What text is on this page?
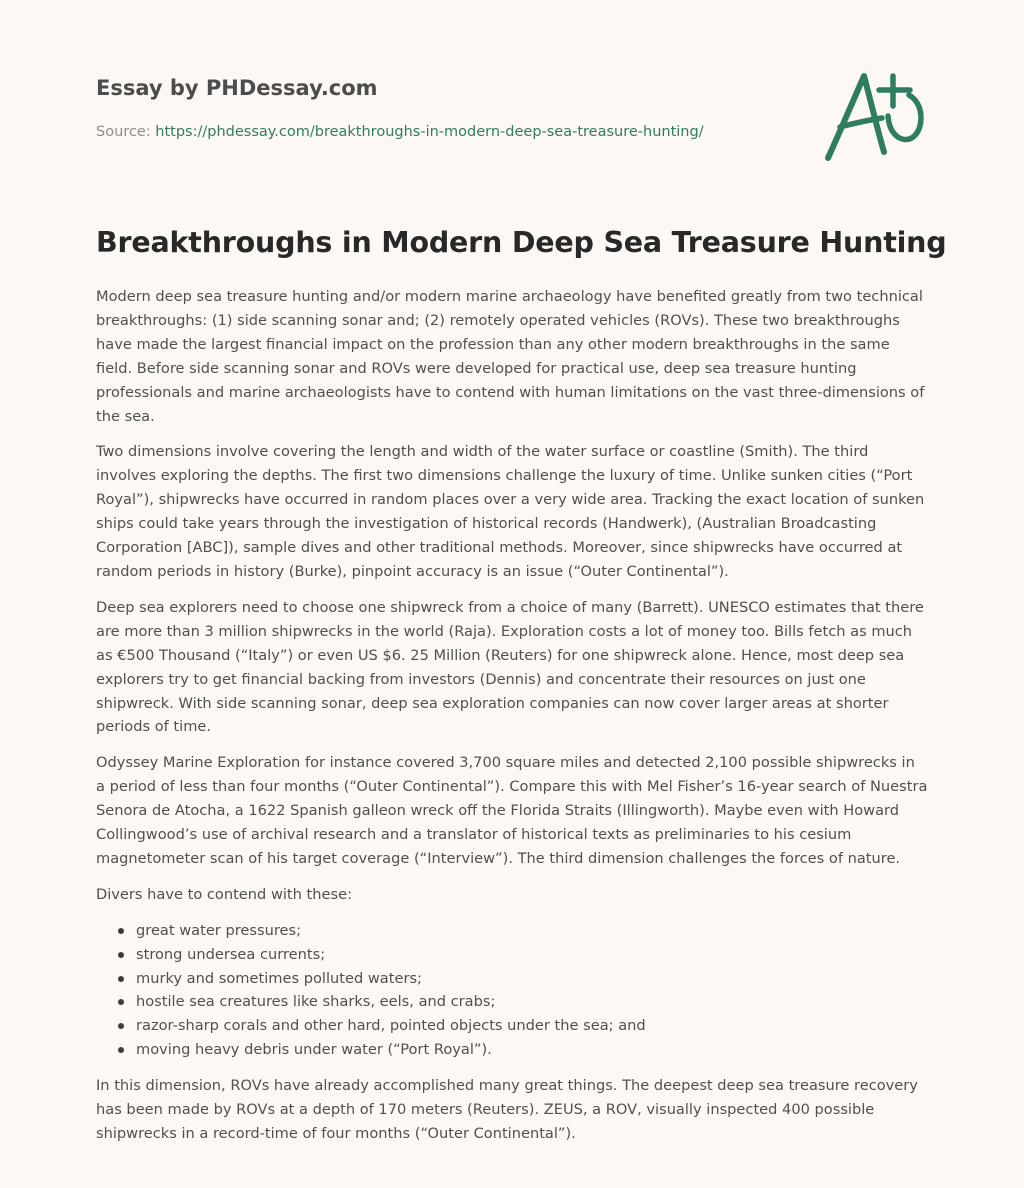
Essay by PHDessay.com

Source: https://phdessay.com/breakthroughs-in-modern-deep-sea-treasure-hunting/

Breakthroughs in Modern Deep Sea Treasure Hunting

Modern deep sea treasure hunting and/or modern marine archaeology have benefited greatly from two technical breakthroughs: (1) side scanning sonar and; (2) remotely operated vehicles (ROVs). These two breakthroughs have made the largest financial impact on the profession than any other modern breakthroughs in the same field. Before side scanning sonar and ROVs were developed for practical use, deep sea treasure hunting professionals and marine archaeologists have to contend with human limitations on the vast three-dimensions of the sea.

Two dimensions involve covering the length and width of the water surface or coastline (Smith). The third involves exploring the depths. The first two dimensions challenge the luxury of time. Unlike sunken cities (“Port Royal”), shipwrecks have occurred in random places over a very wide area. Tracking the exact location of sunken ships could take years through the investigation of historical records (Handwerk), (Australian Broadcasting Corporation [ABC]), sample dives and other traditional methods. Moreover, since shipwrecks have occurred at random periods in history (Burke), pinpoint accuracy is an issue (“Outer Continental”).

Deep sea explorers need to choose one shipwreck from a choice of many (Barrett). UNESCO estimates that there are more than 3 million shipwrecks in the world (Raja). Exploration costs a lot of money too. Bills fetch as much as €500 Thousand (“Italy”) or even US $6. 25 Million (Reuters) for one shipwreck alone. Hence, most deep sea explorers try to get financial backing from investors (Dennis) and concentrate their resources on just one shipwreck. With side scanning sonar, deep sea exploration companies can now cover larger areas at shorter periods of time.

Odyssey Marine Exploration for instance covered 3,700 square miles and detected 2,100 possible shipwrecks in a period of less than four months (“Outer Continental”). Compare this with Mel Fisher’s 16-year search of Nuestra Senora de Atocha, a 1622 Spanish galleon wreck off the Florida Straits (Illingworth). Maybe even with Howard Collingwood’s use of archival research and a translator of historical texts as preliminaries to his cesium magnetometer scan of his target coverage (“Interview”). The third dimension challenges the forces of nature.

Divers have to contend with these:

great water pressures;
strong undersea currents;
murky and sometimes polluted waters;
hostile sea creatures like sharks, eels, and crabs;
razor-sharp corals and other hard, pointed objects under the sea; and
moving heavy debris under water (“Port Royal”).

In this dimension, ROVs have already accomplished many great things. The deepest deep sea treasure recovery has been made by ROVs at a depth of 170 meters (Reuters). ZEUS, a ROV, visually inspected 400 possible shipwrecks in a record-time of four months (“Outer Continental”).
